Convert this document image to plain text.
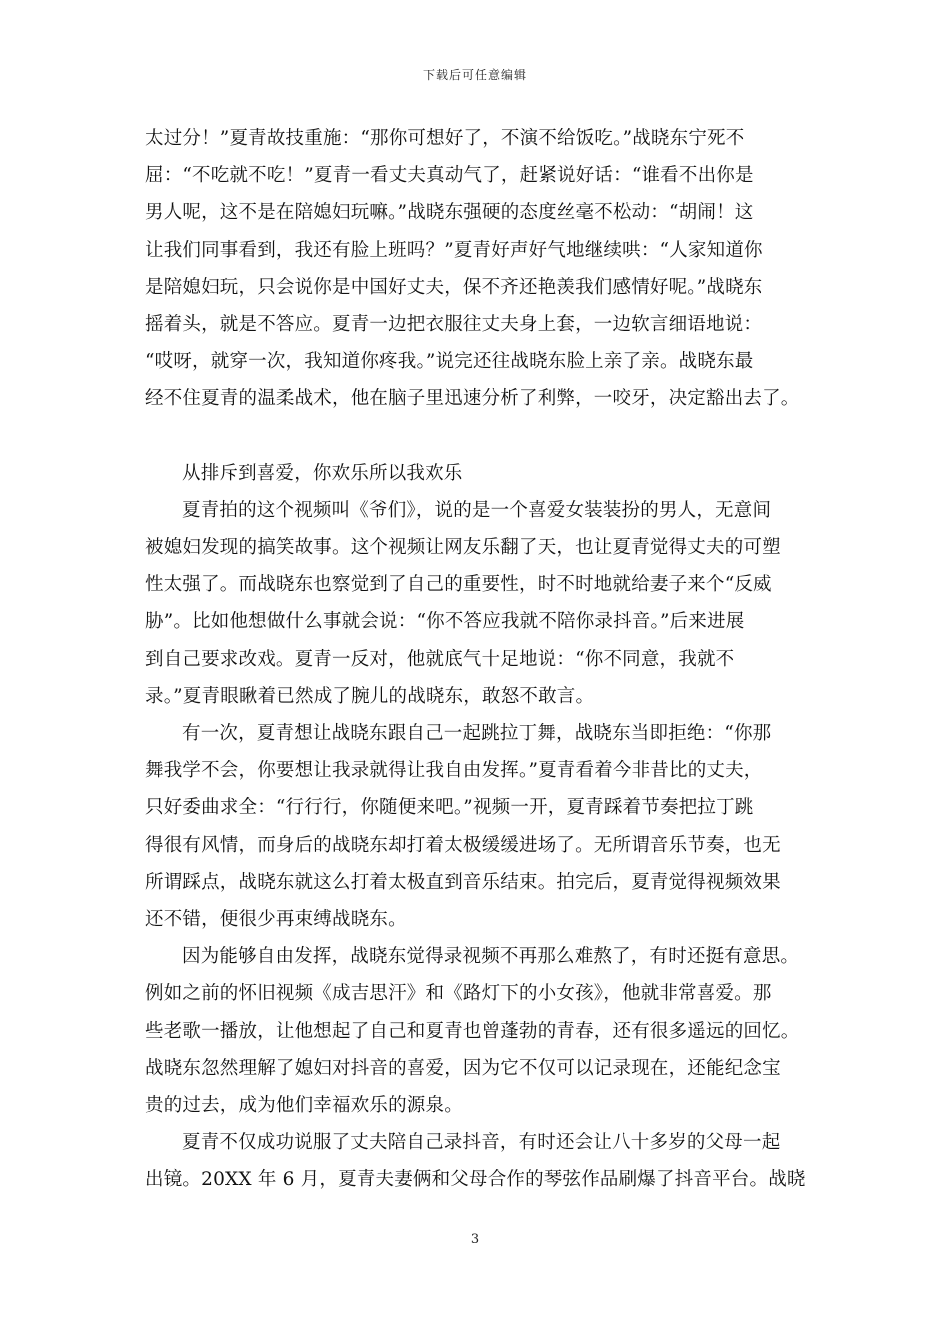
下载后可任意编辑
太过分！”夏青故技重施：“那你可想好了，不演不给饭吃。”战晓东宁死不
屈：“不吃就不吃！”夏青一看丈夫真动气了，赶紧说好话：“谁看不出你是
男人呢，这不是在陪媳妇玩嘛。”战晓东强硬的态度丝毫不松动：“胡闹！这
让我们同事看到，我还有脸上班吗？”夏青好声好气地继续哄：“人家知道你
是陪媳妇玩，只会说你是中国好丈夫，保不齐还艳羡我们感情好呢。”战晓东
摇着头，就是不答应。夏青一边把衣服往丈夫身上套，一边软言细语地说：
“哎呀，就穿一次，我知道你疼我。”说完还往战晓东脸上亲了亲。战晓东最
经不住夏青的温柔战术，他在脑子里迅速分析了利弊，一咬牙，决定豁出去了。
从排斥到喜爱，你欢乐所以我欢乐
夏青拍的这个视频叫《爷们》，说的是一个喜爱女装装扮的男人，无意间
被媳妇发现的搞笑故事。这个视频让网友乐翻了天，也让夏青觉得丈夫的可塑
性太强了。而战晓东也察觉到了自己的重要性，时不时地就给妻子来个“反威
胁”。比如他想做什么事就会说：“你不答应我就不陪你录抖音。”后来进展
到自己要求改戏。夏青一反对，他就底气十足地说：“你不同意，我就不
录。”夏青眼瞅着已然成了腕儿的战晓东，敢怒不敢言。
有一次，夏青想让战晓东跟自己一起跳拉丁舞，战晓东当即拒绝：“你那
舞我学不会，你要想让我录就得让我自由发挥。”夏青看着今非昔比的丈夫，
只好委曲求全：“行行行，你随便来吧。”视频一开，夏青踩着节奏把拉丁跳
得很有风情，而身后的战晓东却打着太极缓缓进场了。无所谓音乐节奏，也无
所谓踩点，战晓东就这么打着太极直到音乐结束。拍完后，夏青觉得视频效果
还不错，便很少再束缚战晓东。
因为能够自由发挥，战晓东觉得录视频不再那么难熬了，有时还挺有意思。
例如之前的怀旧视频《成吉思汗》和《路灯下的小女孩》，他就非常喜爱。那
些老歌一播放，让他想起了自己和夏青也曾蓬勃的青春，还有很多遥远的回忆。
战晓东忽然理解了媳妇对抖音的喜爱，因为它不仅可以记录现在，还能纪念宝
贵的过去，成为他们幸福欢乐的源泉。
夏青不仅成功说服了丈夫陪自己录抖音，有时还会让八十多岁的父母一起
出镜。20XX 年 6 月，夏青夫妻俩和父母合作的琴弦作品刷爆了抖音平台。战晓
3
